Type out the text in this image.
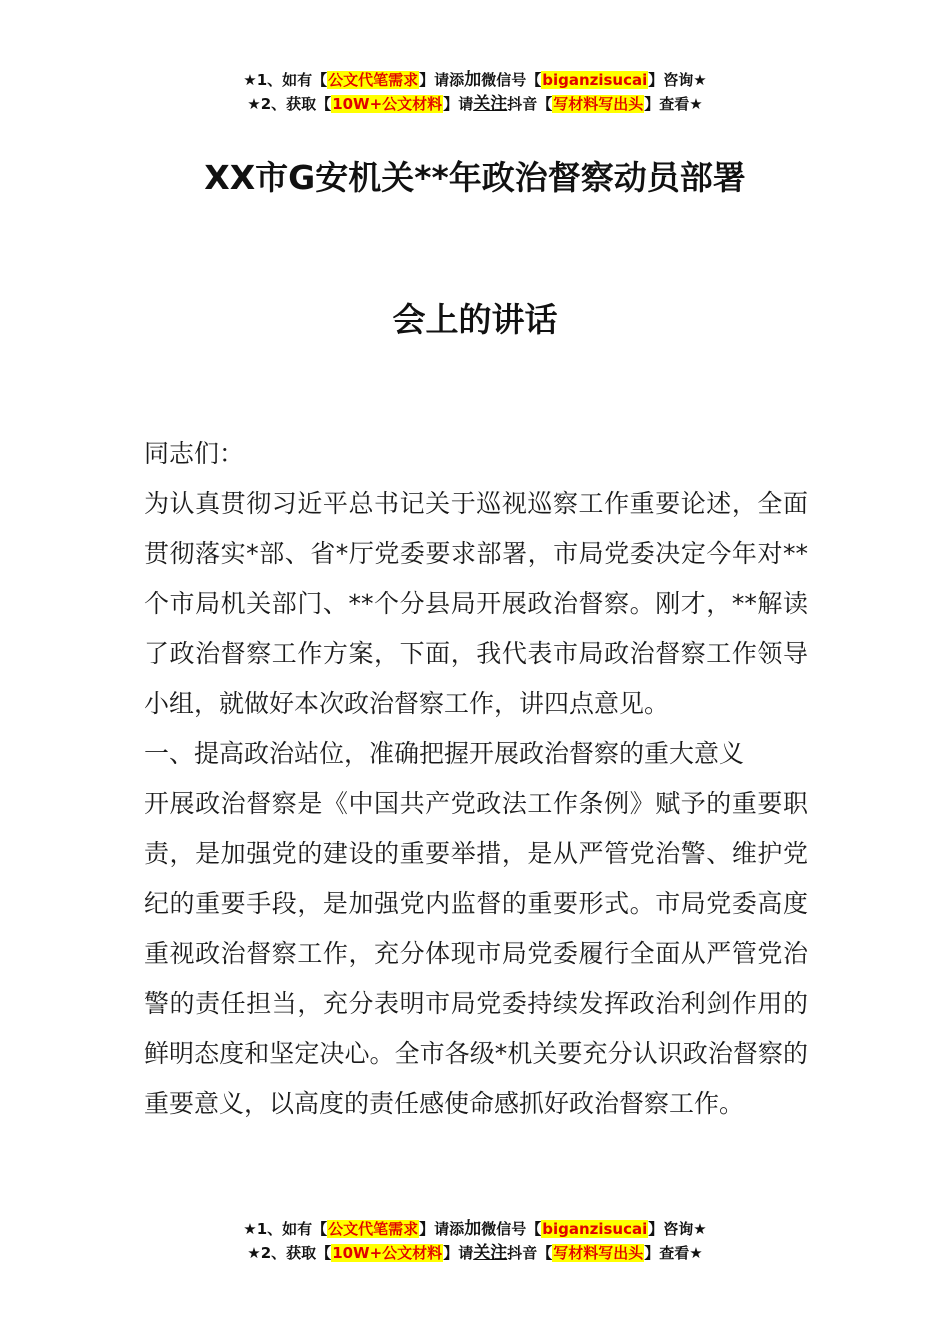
★1、如有【公文代笔需求】请添加微信号【biganzisucai】咨询★
★2、获取【10W+公文材料】请关注抖音【写材料写出头】查看★
XX市G安机关**年政治督察动员部署
会上的讲话

同志们：

为认真贯彻习近平总书记关于巡视巡察工作重要论述，全面贯彻落实*部、省*厅党委要求部署，市局党委决定今年对**个市局机关部门、**个分县局开展政治督察。刚才，**解读了政治督察工作方案，下面，我代表市局政治督察工作领导小组，就做好本次政治督察工作，讲四点意见。

一、提高政治站位，准确把握开展政治督察的重大意义

开展政治督察是《中国共产党政法工作条例》赋予的重要职责，是加强党的建设的重要举措，是从严管党治警、维护党纪的重要手段，是加强党内监督的重要形式。市局党委高度重视政治督察工作，充分体现市局党委履行全面从严管党治警的责任担当，充分表明市局党委持续发挥政治利剑作用的鲜明态度和坚定决心。全市各级*机关要充分认识政治督察的重要意义，以高度的责任感使命感抓好政治督察工作。

★1、如有【公文代笔需求】请添加微信号【biganzisucai】咨询★
★2、获取【10W+公文材料】请关注抖音【写材料写出头】查看★
